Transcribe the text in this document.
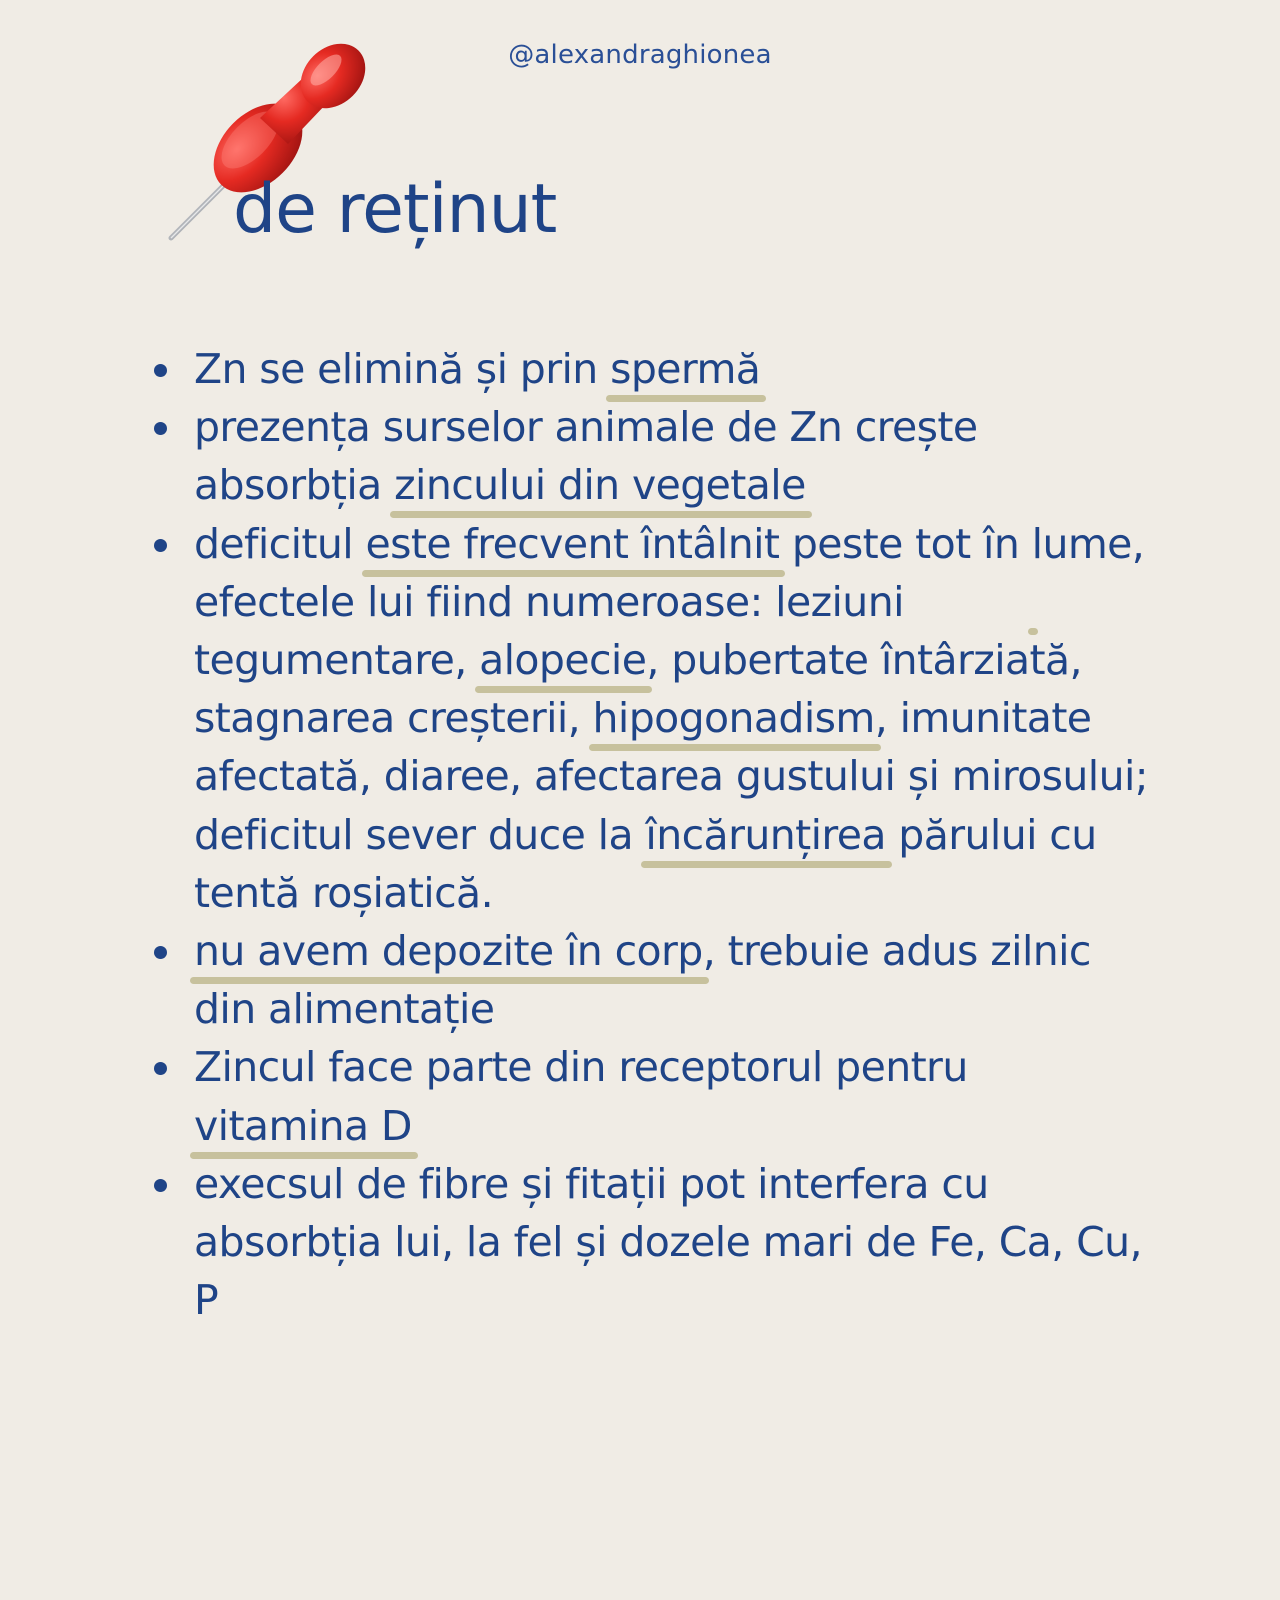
@alexandraghionea
de reținut
Zn se elimină și prin spermă
prezența surselor animale de Zn crește absorbția zincului din vegetale
deficitul este frecvent întâlnit peste tot în lume, efectele lui fiind numeroase: leziuni tegumentare, alopecie, pubertate întârziată, stagnarea creșterii, hipogonadism, imunitate afectată, diaree, afectarea gustului și mirosului; deficitul sever duce la încărunțirea părului cu tentă roșiatică.
nu avem depozite în corp, trebuie adus zilnic din alimentație
Zincul face parte din receptorul pentru vitamina D
execsul de fibre și fitații pot interfera cu absorbția lui, la fel și dozele mari de Fe, Ca, Cu, P
